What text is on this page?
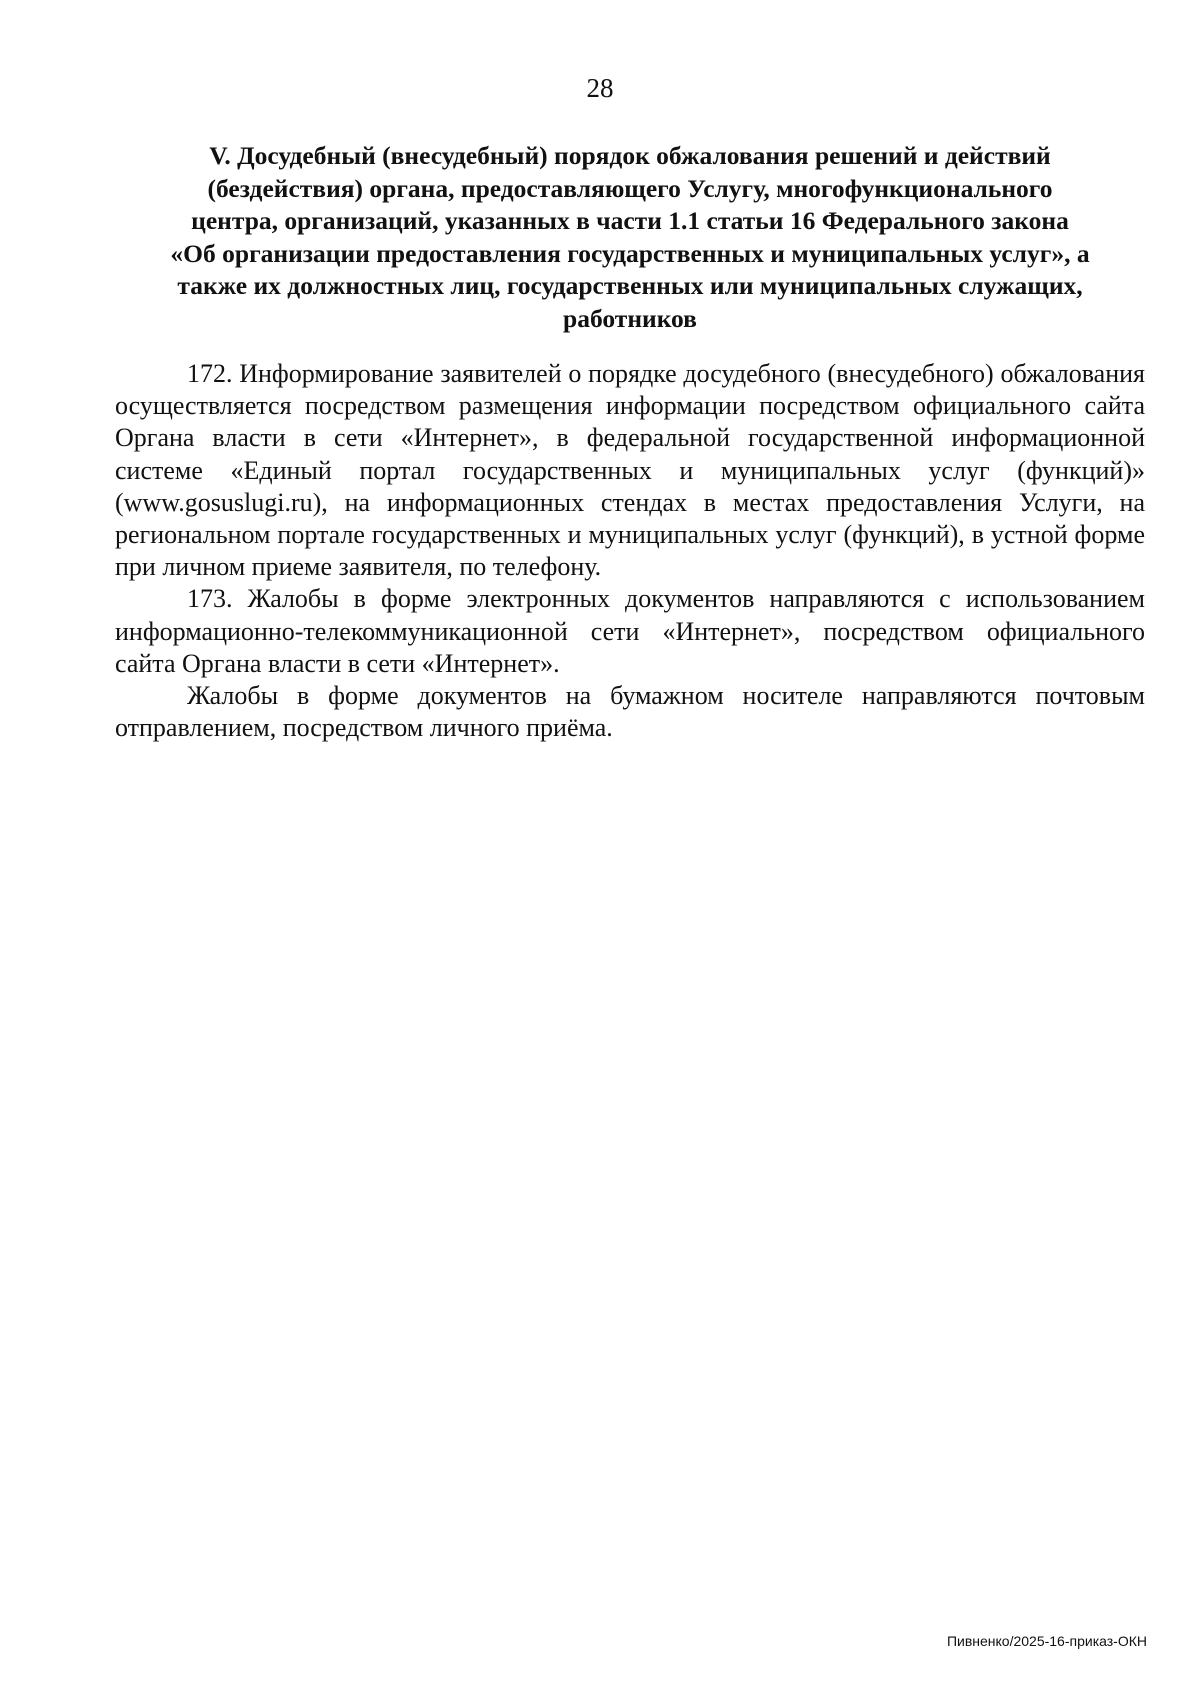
28
V. Досудебный (внесудебный) порядок обжалования решений и действий
(бездействия) органа, предоставляющего Услугу, многофункционального
центра, организаций, указанных в части 1.1 статьи 16 Федерального закона
«Об организации предоставления государственных и муниципальных услуг», а
также их должностных лиц, государственных или муниципальных служащих,
работников

172. Информирование заявителей о порядке досудебного (внесудебного) обжалования осуществляется посредством размещения информации посредством официального сайта Органа власти в сети «Интернет», в федеральной государственной информационной системе «Единый портал государственных и муниципальных услуг (функций)» (www.gosuslugi.ru), на информационных стендах в местах предоставления Услуги, на региональном портале государственных и муниципальных услуг (функций), в устной форме при личном приеме заявителя, по телефону.

173. Жалобы в форме электронных документов направляются с использованием информационно-телекоммуникационной сети «Интернет», посредством официального сайта Органа власти в сети «Интернет».

Жалобы в форме документов на бумажном носителе направляются почтовым отправлением, посредством личного приёма.

Пивненко/2025-16-приказ-ОКН
